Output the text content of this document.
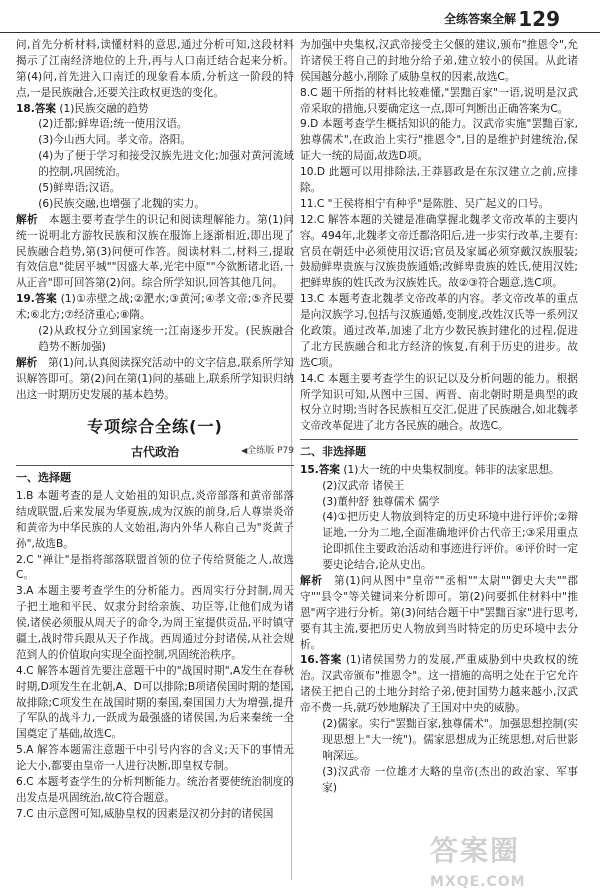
全练答案全解 129
问,首先分析材料,读懂材料的意思,通过分析可知,这段材料揭示了江南经济地位的上升,再与人口南迁结合起来分析。第(4)问,首先进入口南迁的现象看本质,分析这一阶段的特点,一是民族融合,还要关注政权更迭的变化。
18.答案 (1)民族交融的趋势
(2)迁都;鲜卑语;统一使用汉语。
(3)今山西大同。孝文帝。洛阳。
(4)为了便于学习和接受汉族先进文化;加强对黄河流域的控制,巩固统治。
(5)鲜卑语;汉语。
(6)民族交融,也增强了北魏的实力。
解析　 本题主要考查学生的识记和阅读理解能力。第(1)问统一说明北方游牧民族和汉族在服饰上逐渐相近,即出现了民族融合趋势,第(3)问便可作答。阅读材料二,材料三,提取有效信息"徙居平城""因盛大革,光宅中原""今欲断诸北语,一从正音"即可回答第(2)问。综合所学知识,回答其他几问。
19.答案 (1)①赤壁之战;②淝水;③黄河;④孝文帝;⑤齐民要术;⑥北方;⑦经济重心;⑧隋。
(2)从政权分立到国家统一;江南逐步开发。(民族融合趋势不断加强)
解析　 第(1)问,认真阅读探究活动中的文字信息,联系所学知识解答即可。第(2)问在第(1)问的基础上,联系所学知识归纳出这一时期历史发展的基本趋势。
专项综合全练(一)
古代政治	◀全练版 P79
一、选择题
1.B 本题考查的是人文始祖的知识点,炎帝部落和黄帝部落结成联盟,后来发展为华夏族,成为汉族的前身,后人尊崇炎帝和黄帝为中华民族的人文始祖,海内外华人称自己为"炎黄子孙",故选B。
2.C "禅让"是指将部落联盟首领的位子传给贤能之人,故选C。
3.A 本题主要考查学生的分析能力。西周实行分封制,周天子把土地和平民、奴隶分封给亲族、功臣等,让他们成为诸侯,诸侯必须服从周天子的命令,为周王室提供贡品,平时镇守疆土,战时带兵跟从天子作战。西周通过分封诸侯,从社会规范到人的价值取向实现全面控制,巩固统治秩序。
4.C 解答本题首先要注意题干中的"战国时期",A发生在春秋时期,D项发生在北朝,A、D可以排除;B项诸侯国时期的楚国,故排除;C项发生在战国时期的秦国,秦国国力大为增强,提升了军队的战斗力,一跃成为最强盛的诸侯国,为后来秦统一全国奠定了基础,故选C。
5.A 解答本题需注意题干中引号内容的含义;天下的事情无论大小,都要由皇帝一人进行决断,即皇权专制。
6.C 本题考查学生的分析判断能力。统治者要使统治制度的出发点是巩固统治,故C符合题意。
7.C 由示意图可知,威胁皇权的因素是汉初分封的诸侯国
为加强中央集权,汉武帝接受主父偃的建议,颁布"推恩令",允许诸侯王将自己的封地分给子弟,建立较小的侯国。从此诸侯国越分越小,削除了威胁皇权的因素,故选C。
8.C 题干所指的材料比较难懂,"罢黜百家"一语,说明是汉武帝采取的措施,只要确定这一点,即可判断出正确答案为C。
9.D 本题考查学生概括知识的能力。汉武帝实施"罢黜百家,独尊儒术",在政治上实行"推恩令",目的是维护封建统治,保证大一统的局面,故选D项。
10.D 此题可以用排除法,王莽篡政是在东汉建立之前,应排除。
11.C "王侯将相宁有种乎"是陈胜、吴广起义的口号。
12.C 解答本题的关键是准确掌握北魏孝文帝改革的主要内容。494年,北魏孝文帝迁都洛阳后,进一步实行改革,主要有:官员在朝廷中必须使用汉语;官员及家属必须穿戴汉族服装;鼓励鲜卑贵族与汉族贵族通婚;改鲜卑贵族的姓氏,使用汉姓;把鲜卑族的姓氏改为汉族姓氏。故②③符合题意,选C项。
13.C 本题考查北魏孝文帝改革的内容。孝文帝改革的重点是向汉族学习,包括与汉族通婚,变制度,改姓汉氏等一系列汉化政策。通过改革,加速了北方少数民族封建化的过程,促进了北方民族融合和北方经济的恢复,有利于历史的进步。故选C项。
14.C 本题主要考查学生的识记以及分析问题的能力。根据所学知识可知,从图中三国、两晋、南北朝时期是典型的政权分立时期;当时各民族相互交汇,促进了民族融合,如北魏孝文帝改革促进了北方各民族的融合。故选C。
二、非选择题
15.答案 (1)大一统的中央集权制度。韩非的法家思想。
(2)汉武帝 诸侯王
(3)董仲舒 独尊儒术 儒学
(4)①把历史人物放到特定的历史环境中进行评价;②辩证地,一分为二地,全面准确地评价古代帝王;③采用重点论即抓住主要政治活动和事迹进行评价。④评价时一定要史论结合,论从史出。
解析　 第(1)问从图中"皇帝""丞相""太尉""御史大夫""郡守""县令"等关键词来分析即可。第(2)问要抓住材料中"推恩"两字进行分析。第(3)问结合题干中"罢黜百家"进行思考,要有其主流,要把历史人物放到当时特定的历史环境中去分析。
16.答案 (1)诸侯国势力的发展,严重威胁到中央政权的统治。汉武帝颁布"推恩令"。这一措施的高明之处在于它允许诸侯王把自己的土地分封给子弟,使封国势力越来越小,汉武帝不费一兵,就巧妙地解决了王国对中央的威胁。
(2)儒家。实行"罢黜百家,独尊儒术"。加强思想控制(实现思想上"大一统")。儒家思想成为正统思想,对后世影响深远。
(3)汉武帝 一位雄才大略的皇帝(杰出的政治家、军事家)
答案圈
MXQE.COM
